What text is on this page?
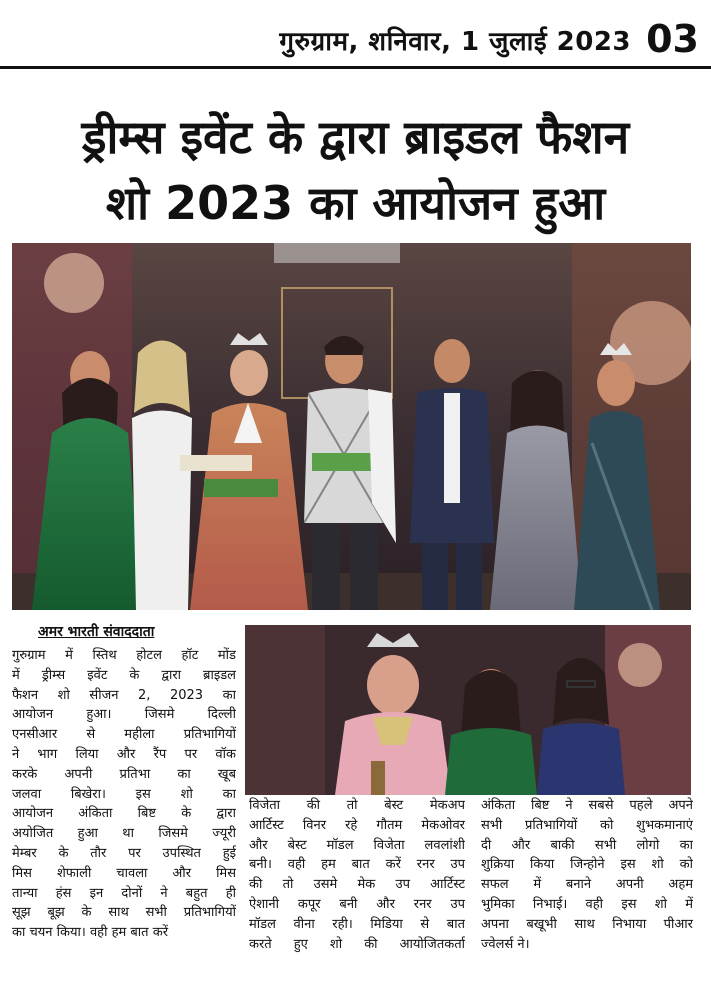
गुरुग्राम, शनिवार, 1 जुलाई 2023 03
ड्रीम्स इवेंट के द्वारा ब्राइडल फैशन
शो 2023 का आयोजन हुआ
अमर भारती संवाददाता
गुरुग्राम में स्तिथ होटल हॉट मोंड
में ड्रीम्स इवेंट के द्वारा ब्राइडल
फैशन शो सीजन 2, 2023 का
आयोजन हुआ। जिसमे दिल्ली
एनसीआर से महीला प्रतिभागियों
ने भाग लिया और रैंप पर वॉक
करके अपनी प्रतिभा का खूब
जलवा बिखेरा। इस शो का
आयोजन अंकिता बिष्ट के द्वारा
अयोजित हुआ था जिसमे ज्यूरी
मेम्बर के तौर पर उपस्थित हुई
मिस शेफाली चावला और मिस
तान्या हंस इन दोनों ने बहुत ही
सूझ बूझ के साथ सभी प्रतिभागियों
का चयन किया। वही हम बात करें
विजेता की तो बेस्ट मेकअप
आर्टिस्ट विनर रहे गौतम मेकओवर
और बेस्ट मॉडल विजेता लवलांशी
बनी। वही हम बात करें रनर उप
की तो उसमे मेक उप आर्टिस्ट
ऐशानी कपूर बनी और रनर उप
मॉडल वीना रही। मिडिया से बात
करते हुए शो की आयोजितकर्ता
अंकिता बिष्ट ने सबसे पहले अपने
सभी प्रतिभागियों को शुभकमानाएं
दी और बाकी सभी लोगो का
शुक्रिया किया जिन्होने इस शो को
सफल में बनाने अपनी अहम
भुमिका निभाई। वही इस शो में
अपना बखूभी साथ निभाया पीआर
ज्वेलर्स ने।
